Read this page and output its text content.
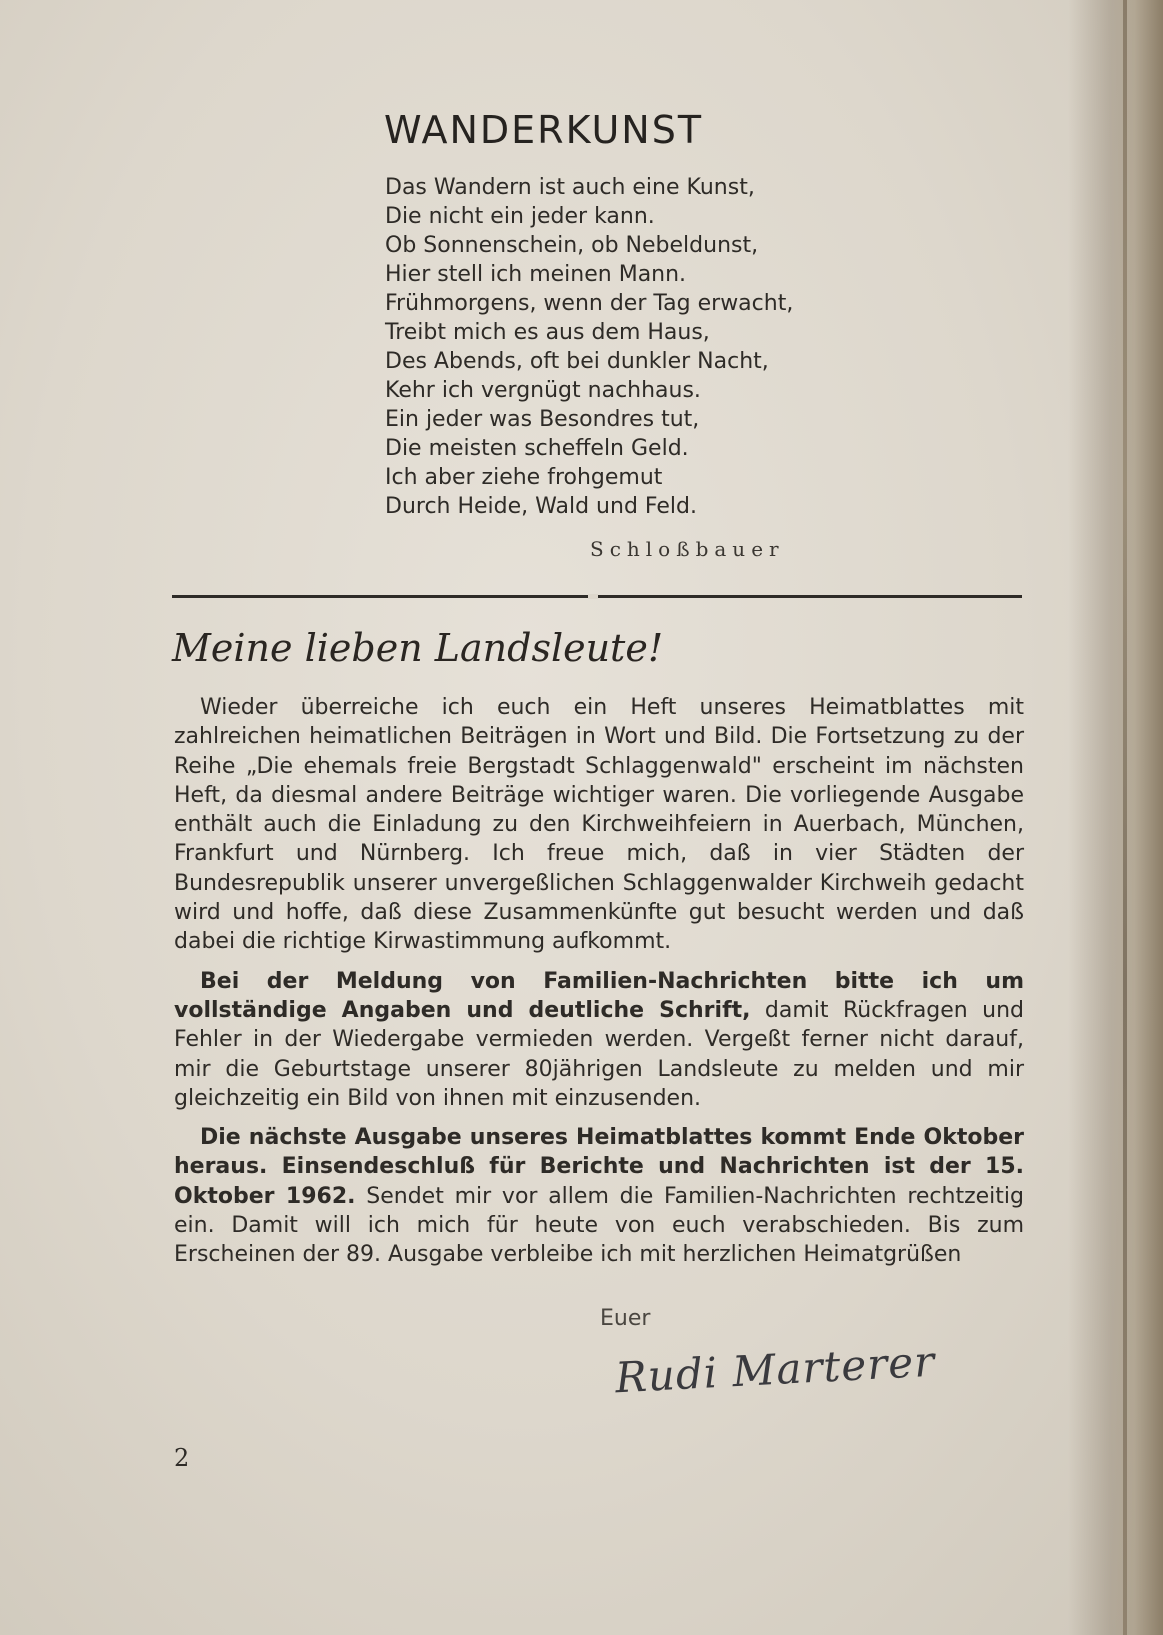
WANDERKUNST
Das Wandern ist auch eine Kunst,
Die nicht ein jeder kann.
Ob Sonnenschein, ob Nebeldunst,
Hier stell ich meinen Mann.
Frühmorgens, wenn der Tag erwacht,
Treibt mich es aus dem Haus,
Des Abends, oft bei dunkler Nacht,
Kehr ich vergnügt nachhaus.
Ein jeder was Besondres tut,
Die meisten scheffeln Geld.
Ich aber ziehe frohgemut
Durch Heide, Wald und Feld.
Schloßbauer
Meine lieben Landsleute!

Wieder überreiche ich euch ein Heft unseres Heimatblattes mit zahlreichen heimatlichen Beiträgen in Wort und Bild. Die Fortsetzung zu der Reihe „Die ehemals freie Bergstadt Schlaggenwald" erscheint im nächsten Heft, da diesmal andere Beiträge wichtiger waren. Die vorliegende Ausgabe enthält auch die Einladung zu den Kirchweihfeiern in Auerbach, München, Frankfurt und Nürnberg. Ich freue mich, daß in vier Städten der Bundesrepublik unserer unvergeßlichen Schlaggenwalder Kirchweih gedacht wird und hoffe, daß diese Zusammenkünfte gut besucht werden und daß dabei die richtige Kirwastimmung aufkommt.

Bei der Meldung von Familien-Nachrichten bitte ich um vollständige Angaben und deutliche Schrift, damit Rückfragen und Fehler in der Wiedergabe vermieden werden. Vergeßt ferner nicht darauf, mir die Geburtstage unserer 80jährigen Landsleute zu melden und mir gleichzeitig ein Bild von ihnen mit einzusenden.

Die nächste Ausgabe unseres Heimatblattes kommt Ende Oktober heraus. Einsendeschluß für Berichte und Nachrichten ist der 15. Oktober 1962. Sendet mir vor allem die Familien-Nachrichten rechtzeitig ein. Damit will ich mich für heute von euch verabschieden. Bis zum Erscheinen der 89. Ausgabe verbleibe ich mit herzlichen Heimatgrüßen

Euer
Rudi Marterer
2
